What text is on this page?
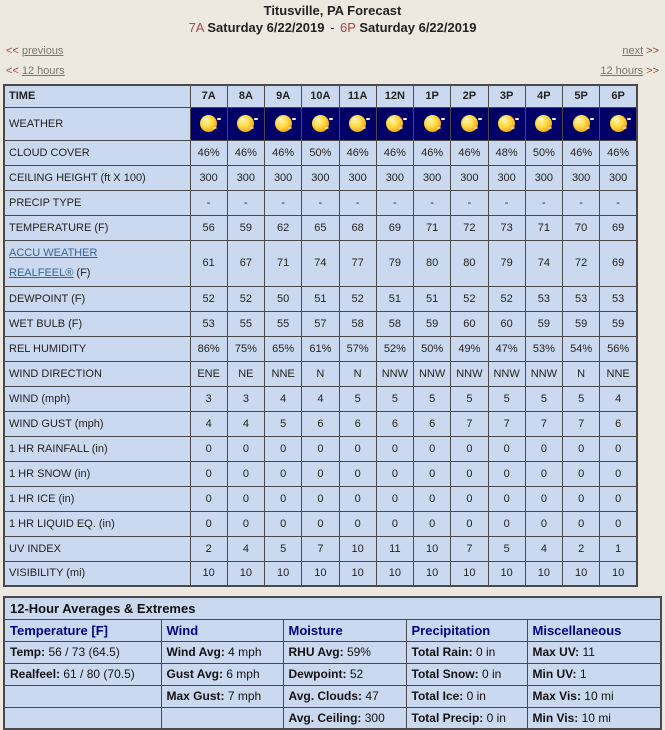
Titusville, PA Forecast
7A Saturday 6/22/2019 - 6P Saturday 6/22/2019
<< previous	next >>
<< 12 hours	12 hours >>
TIME	7A	8A	9A	10A	11A	12N	1P	2P	3P	4P	5P	6P
WEATHER	

CLOUD COVER	46%	46%	46%	50%	46%	46%	46%	46%	48%	50%	46%	46%
CEILING HEIGHT (ft X 100)	300	300	300	300	300	300	300	300	300	300	300	300
PRECIP TYPE	-	-	-	-	-	-	-	-	-	-	-	-
TEMPERATURE (F)	56	59	62	65	68	69	71	72	73	71	70	69
ACCU WEATHER
REALFEEL® (F)	61	67	71	74	77	79	80	80	79	74	72	69
DEWPOINT (F)	52	52	50	51	52	51	51	52	52	53	53	53
WET BULB (F)	53	55	55	57	58	58	59	60	60	59	59	59
REL HUMIDITY	86%	75%	65%	61%	57%	52%	50%	49%	47%	53%	54%	56%
WIND DIRECTION	ENE	NE	NNE	N	N	NNW	NNW	NNW	NNW	NNW	N	NNE
WIND (mph)	3	3	4	4	5	5	5	5	5	5	5	4
WIND GUST (mph)	4	4	5	6	6	6	6	7	7	7	7	6
1 HR RAINFALL (in)	0	0	0	0	0	0	0	0	0	0	0	0
1 HR SNOW (in)	0	0	0	0	0	0	0	0	0	0	0	0
1 HR ICE (in)	0	0	0	0	0	0	0	0	0	0	0	0
1 HR LIQUID EQ. (in)	0	0	0	0	0	0	0	0	0	0	0	0
UV INDEX	2	4	5	7	10	11	10	7	5	4	2	1
VISIBILITY (mi)	10	10	10	10	10	10	10	10	10	10	10	10
12-Hour Averages & Extremes				
Temperature [F]	Wind	Moisture	Precipitation	Miscellaneous
Temp: 56 / 73 (64.5)	Wind Avg: 4 mph	RHU Avg: 59%	Total Rain: 0 in	Max UV: 11
Realfeel: 61 / 80 (70.5)	Gust Avg: 6 mph	Dewpoint: 52	Total Snow: 0 in	Min UV: 1
	Max Gust: 7 mph	Avg. Clouds: 47	Total Ice: 0 in	Max Vis: 10 mi
		Avg. Ceiling: 300	Total Precip: 0 in	Min Vis: 10 mi
